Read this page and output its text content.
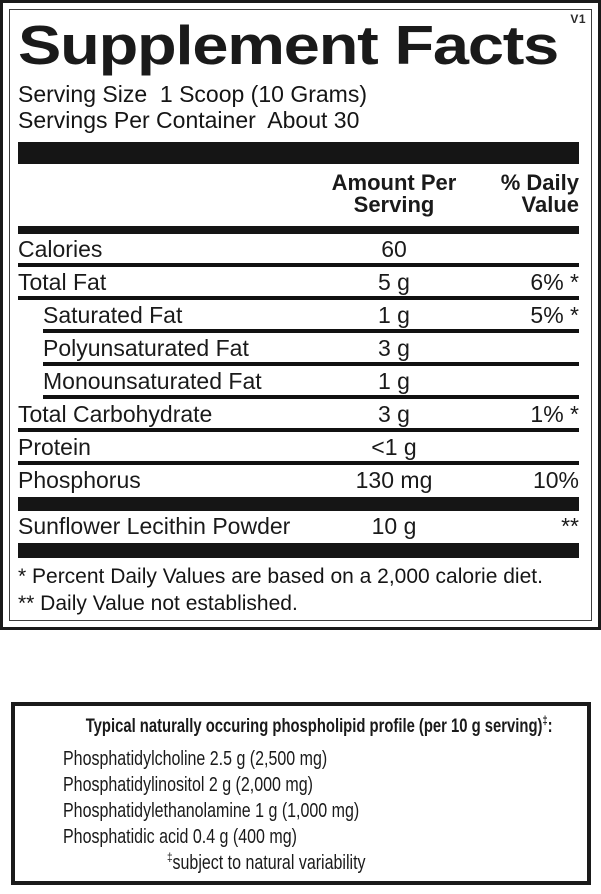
V1
Supplement Facts
Serving Size  1 Scoop (10 Grams)
Servings Per Container  About 30
Amount Per
Serving
% Daily
Value
Calories	60
Total Fat	5 g	6% *
Saturated Fat	1 g	5% *
Polyunsaturated Fat	3 g
Monounsaturated Fat	1 g
Total Carbohydrate	3 g	1% *
Protein	<1 g
Phosphorus	130 mg	10%
Sunflower Lecithin Powder	10 g	**
* Percent Daily Values are based on a 2,000 calorie diet.
** Daily Value not established.
Typical naturally occuring phospholipid profile (per 10 g serving)‡:
Phosphatidylcholine 2.5 g (2,500 mg)
Phosphatidylinositol 2 g (2,000 mg)
Phosphatidylethanolamine 1 g (1,000 mg)
Phosphatidic acid 0.4 g (400 mg)
‡subject to natural variability
